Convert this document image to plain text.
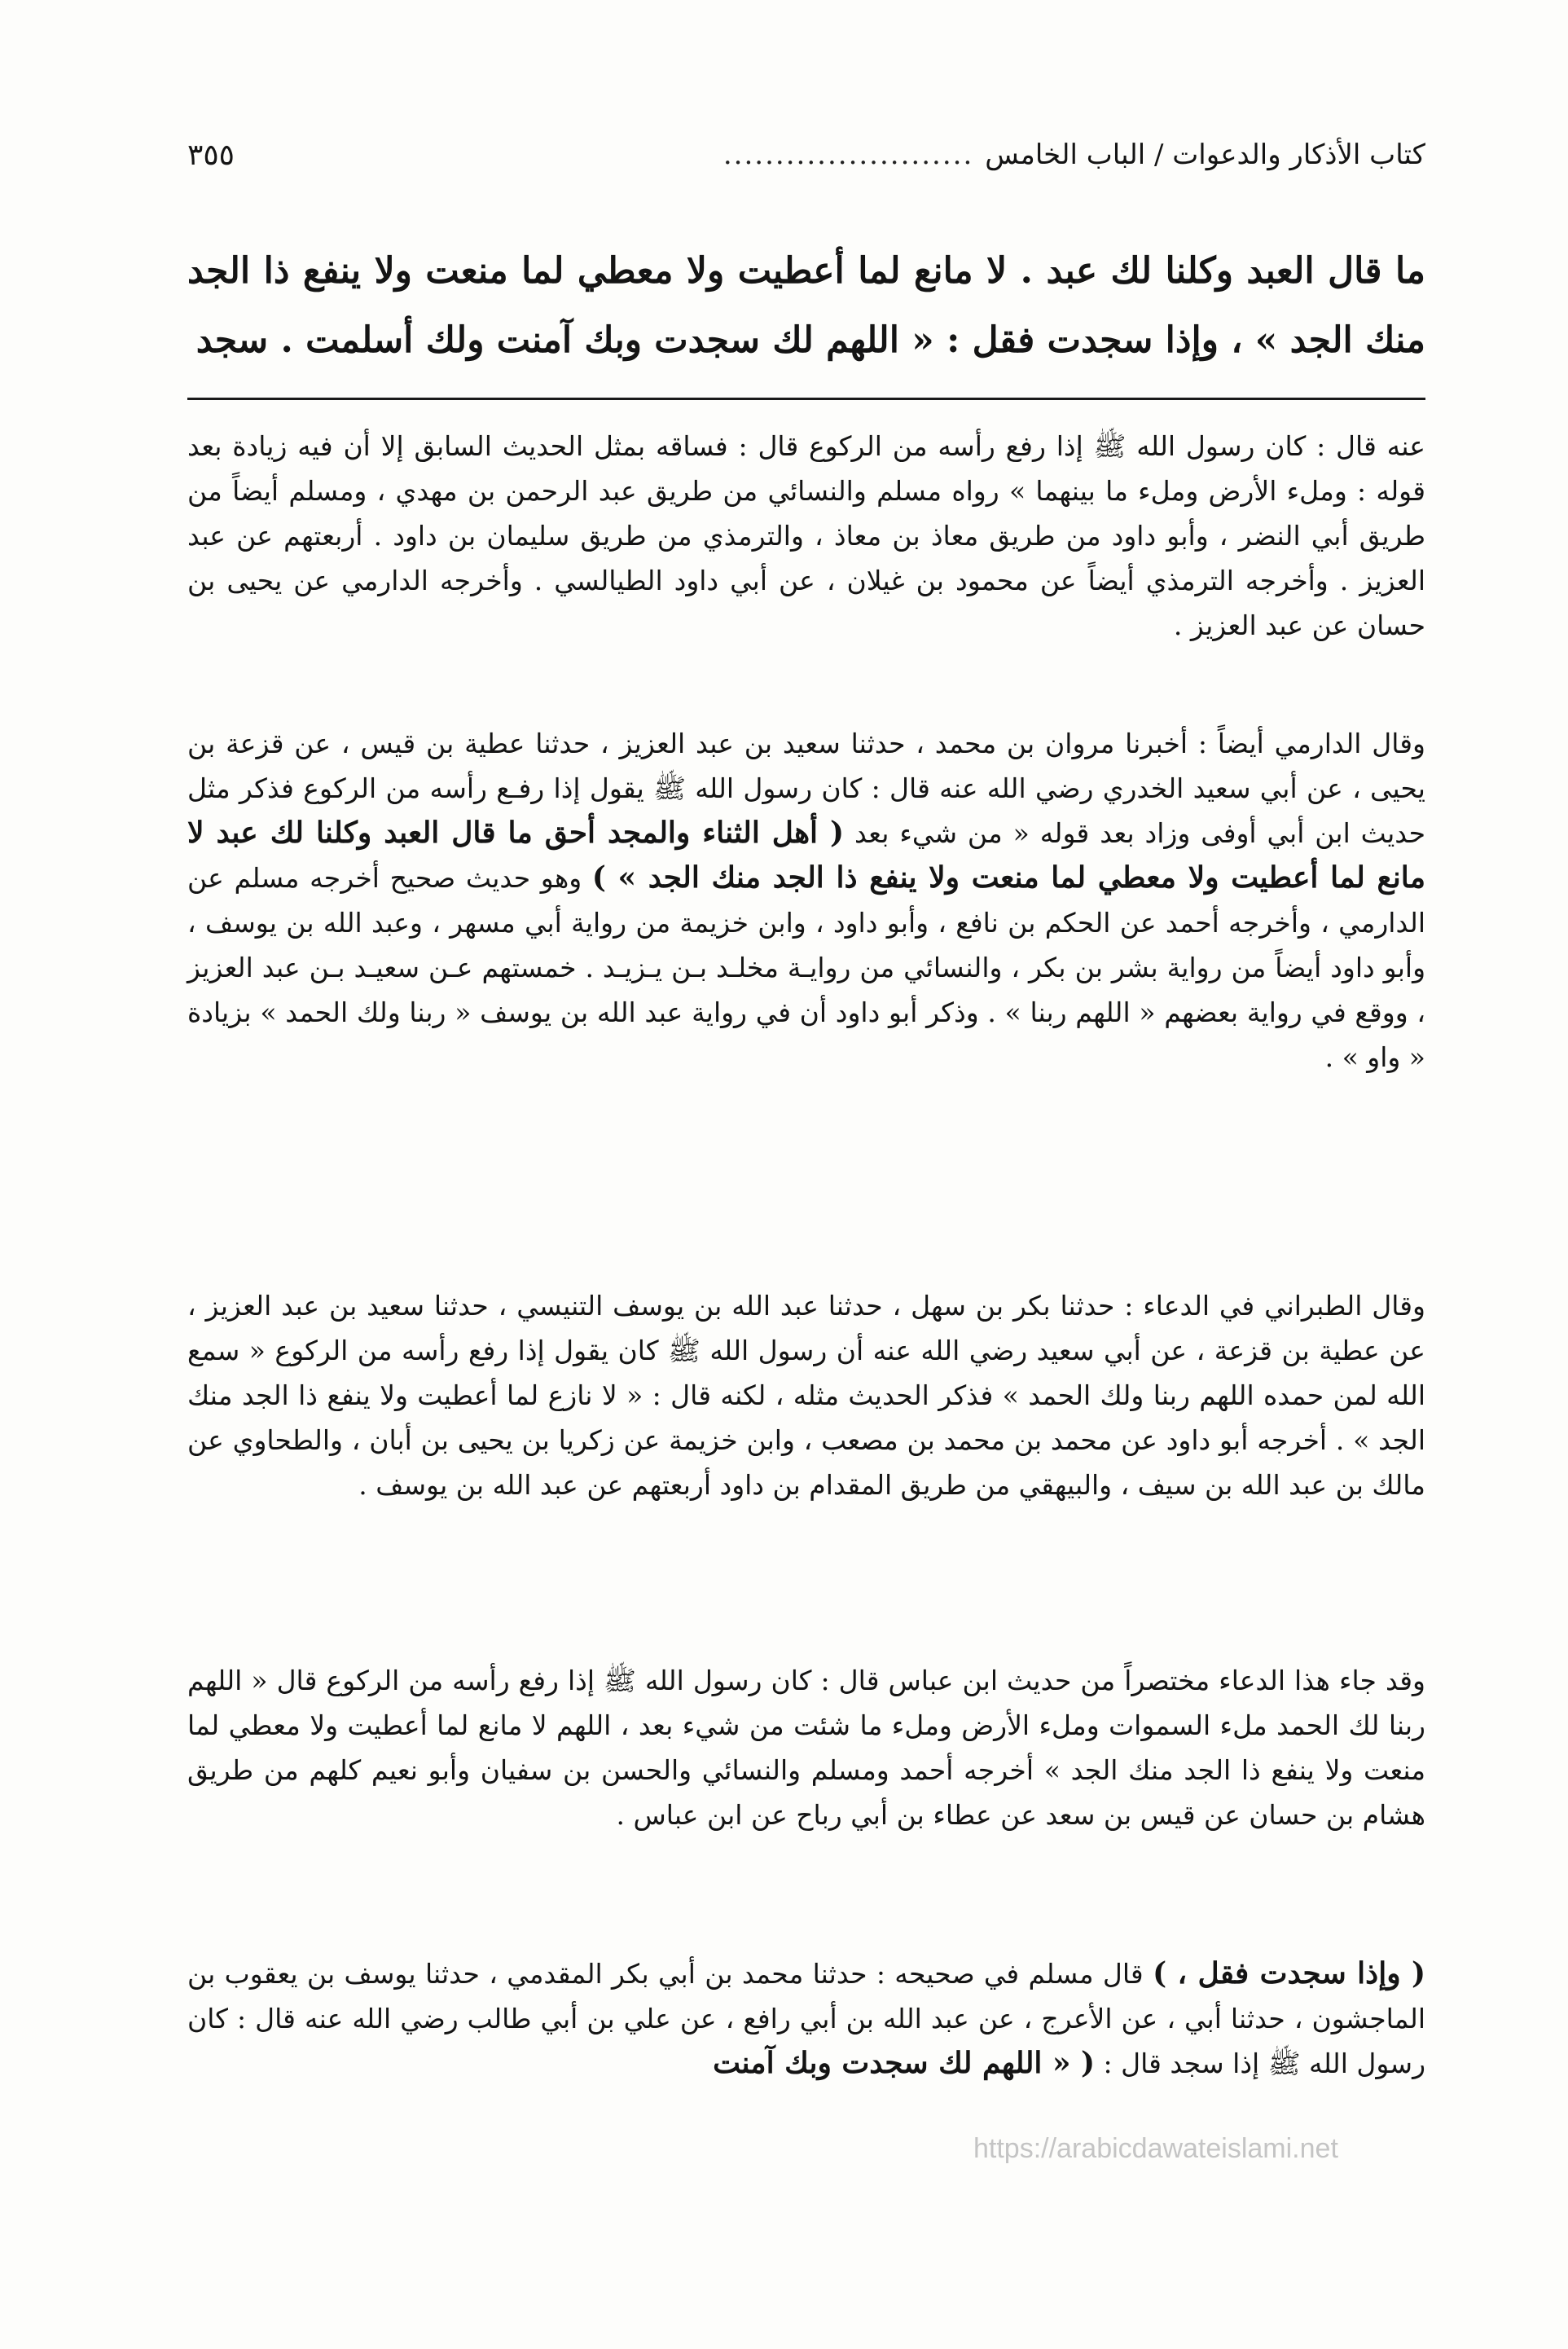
كتاب الأذكار والدعوات / الباب الخامس
........................
٣٥٥
ما قال العبد وكلنا لك عبد . لا مانع لما أعطيت ولا معطي لما منعت ولا ينفع ذا الجد منك الجد » ، وإذا سجدت فقل : « اللهم لك سجدت وبك آمنت ولك أسلمت . سجد

عنه قال : كان رسول الله ﷺ إذا رفع رأسه من الركوع قال : فساقه بمثل الحديث السابق إلا أن فيه زيادة بعد قوله : وملء الأرض وملء ما بينهما » رواه مسلم والنسائي من طريق عبد الرحمن بن مهدي ، ومسلم أيضاً من طريق أبي النضر ، وأبو داود من طريق معاذ بن معاذ ، والترمذي من طريق سليمان بن داود . أربعتهم عن عبد العزيز . وأخرجه الترمذي أيضاً عن محمود بن غيلان ، عن أبي داود الطيالسي . وأخرجه الدارمي عن يحيى بن حسان عن عبد العزيز .

وقال الدارمي أيضاً : أخبرنا مروان بن محمد ، حدثنا سعيد بن عبد العزيز ، حدثنا عطية بن قيس ، عن قزعة بن يحيى ، عن أبي سعيد الخدري رضي الله عنه قال : كان رسول الله ﷺ يقول إذا رفـع رأسه من الركوع فذكر مثل حديث ابن أبي أوفى وزاد بعد قوله « من شيء بعد ( أهل الثناء والمجد أحق ما قال العبد وكلنا لك عبد لا مانع لما أعطيت ولا معطي لما منعت ولا ينفع ذا الجد منك الجد » ) وهو حديث صحيح أخرجه مسلم عن الدارمي ، وأخرجه أحمد عن الحكم بن نافع ، وأبو داود ، وابن خزيمة من رواية أبي مسهر ، وعبد الله بن يوسف ، وأبو داود أيضاً من رواية بشر بن بكر ، والنسائي من روايـة مخلـد بـن يـزيـد . خمستهم عـن سعيـد بـن عبد العزيز ، ووقع في رواية بعضهم « اللهم ربنا » . وذكر أبو داود أن في رواية عبد الله بن يوسف « ربنا ولك الحمد » بزيادة « واو » .

وقال الطبراني في الدعاء : حدثنا بكر بن سهل ، حدثنا عبد الله بن يوسف التنيسي ، حدثنا سعيد بن عبد العزيز ، عن عطية بن قزعة ، عن أبي سعيد رضي الله عنه أن رسول الله ﷺ كان يقول إذا رفع رأسه من الركوع « سمع الله لمن حمده اللهم ربنا ولك الحمد » فذكر الحديث مثله ، لكنه قال : « لا نازع لما أعطيت ولا ينفع ذا الجد منك الجد » . أخرجه أبو داود عن محمد بن محمد بن مصعب ، وابن خزيمة عن زكريا بن يحيى بن أبان ، والطحاوي عن مالك بن عبد الله بن سيف ، والبيهقي من طريق المقدام بن داود أربعتهم عن عبد الله بن يوسف .

وقد جاء هذا الدعاء مختصراً من حديث ابن عباس قال : كان رسول الله ﷺ إذا رفع رأسه من الركوع قال « اللهم ربنا لك الحمد ملء السموات وملء الأرض وملء ما شئت من شيء بعد ، اللهم لا مانع لما أعطيت ولا معطي لما منعت ولا ينفع ذا الجد منك الجد » أخرجه أحمد ومسلم والنسائي والحسن بن سفيان وأبو نعيم كلهم من طريق هشام بن حسان عن قيس بن سعد عن عطاء بن أبي رباح عن ابن عباس .

( وإذا سجدت فقل ، ) قال مسلم في صحيحه : حدثنا محمد بن أبي بكر المقدمي ، حدثنا يوسف بن يعقوب بن الماجشون ، حدثنا أبي ، عن الأعرج ، عن عبد الله بن أبي رافع ، عن علي بن أبي طالب رضي الله عنه قال : كان رسول الله ﷺ إذا سجد قال : ( « اللهم لك سجدت وبك آمنت

https://arabicdawateislami.net
